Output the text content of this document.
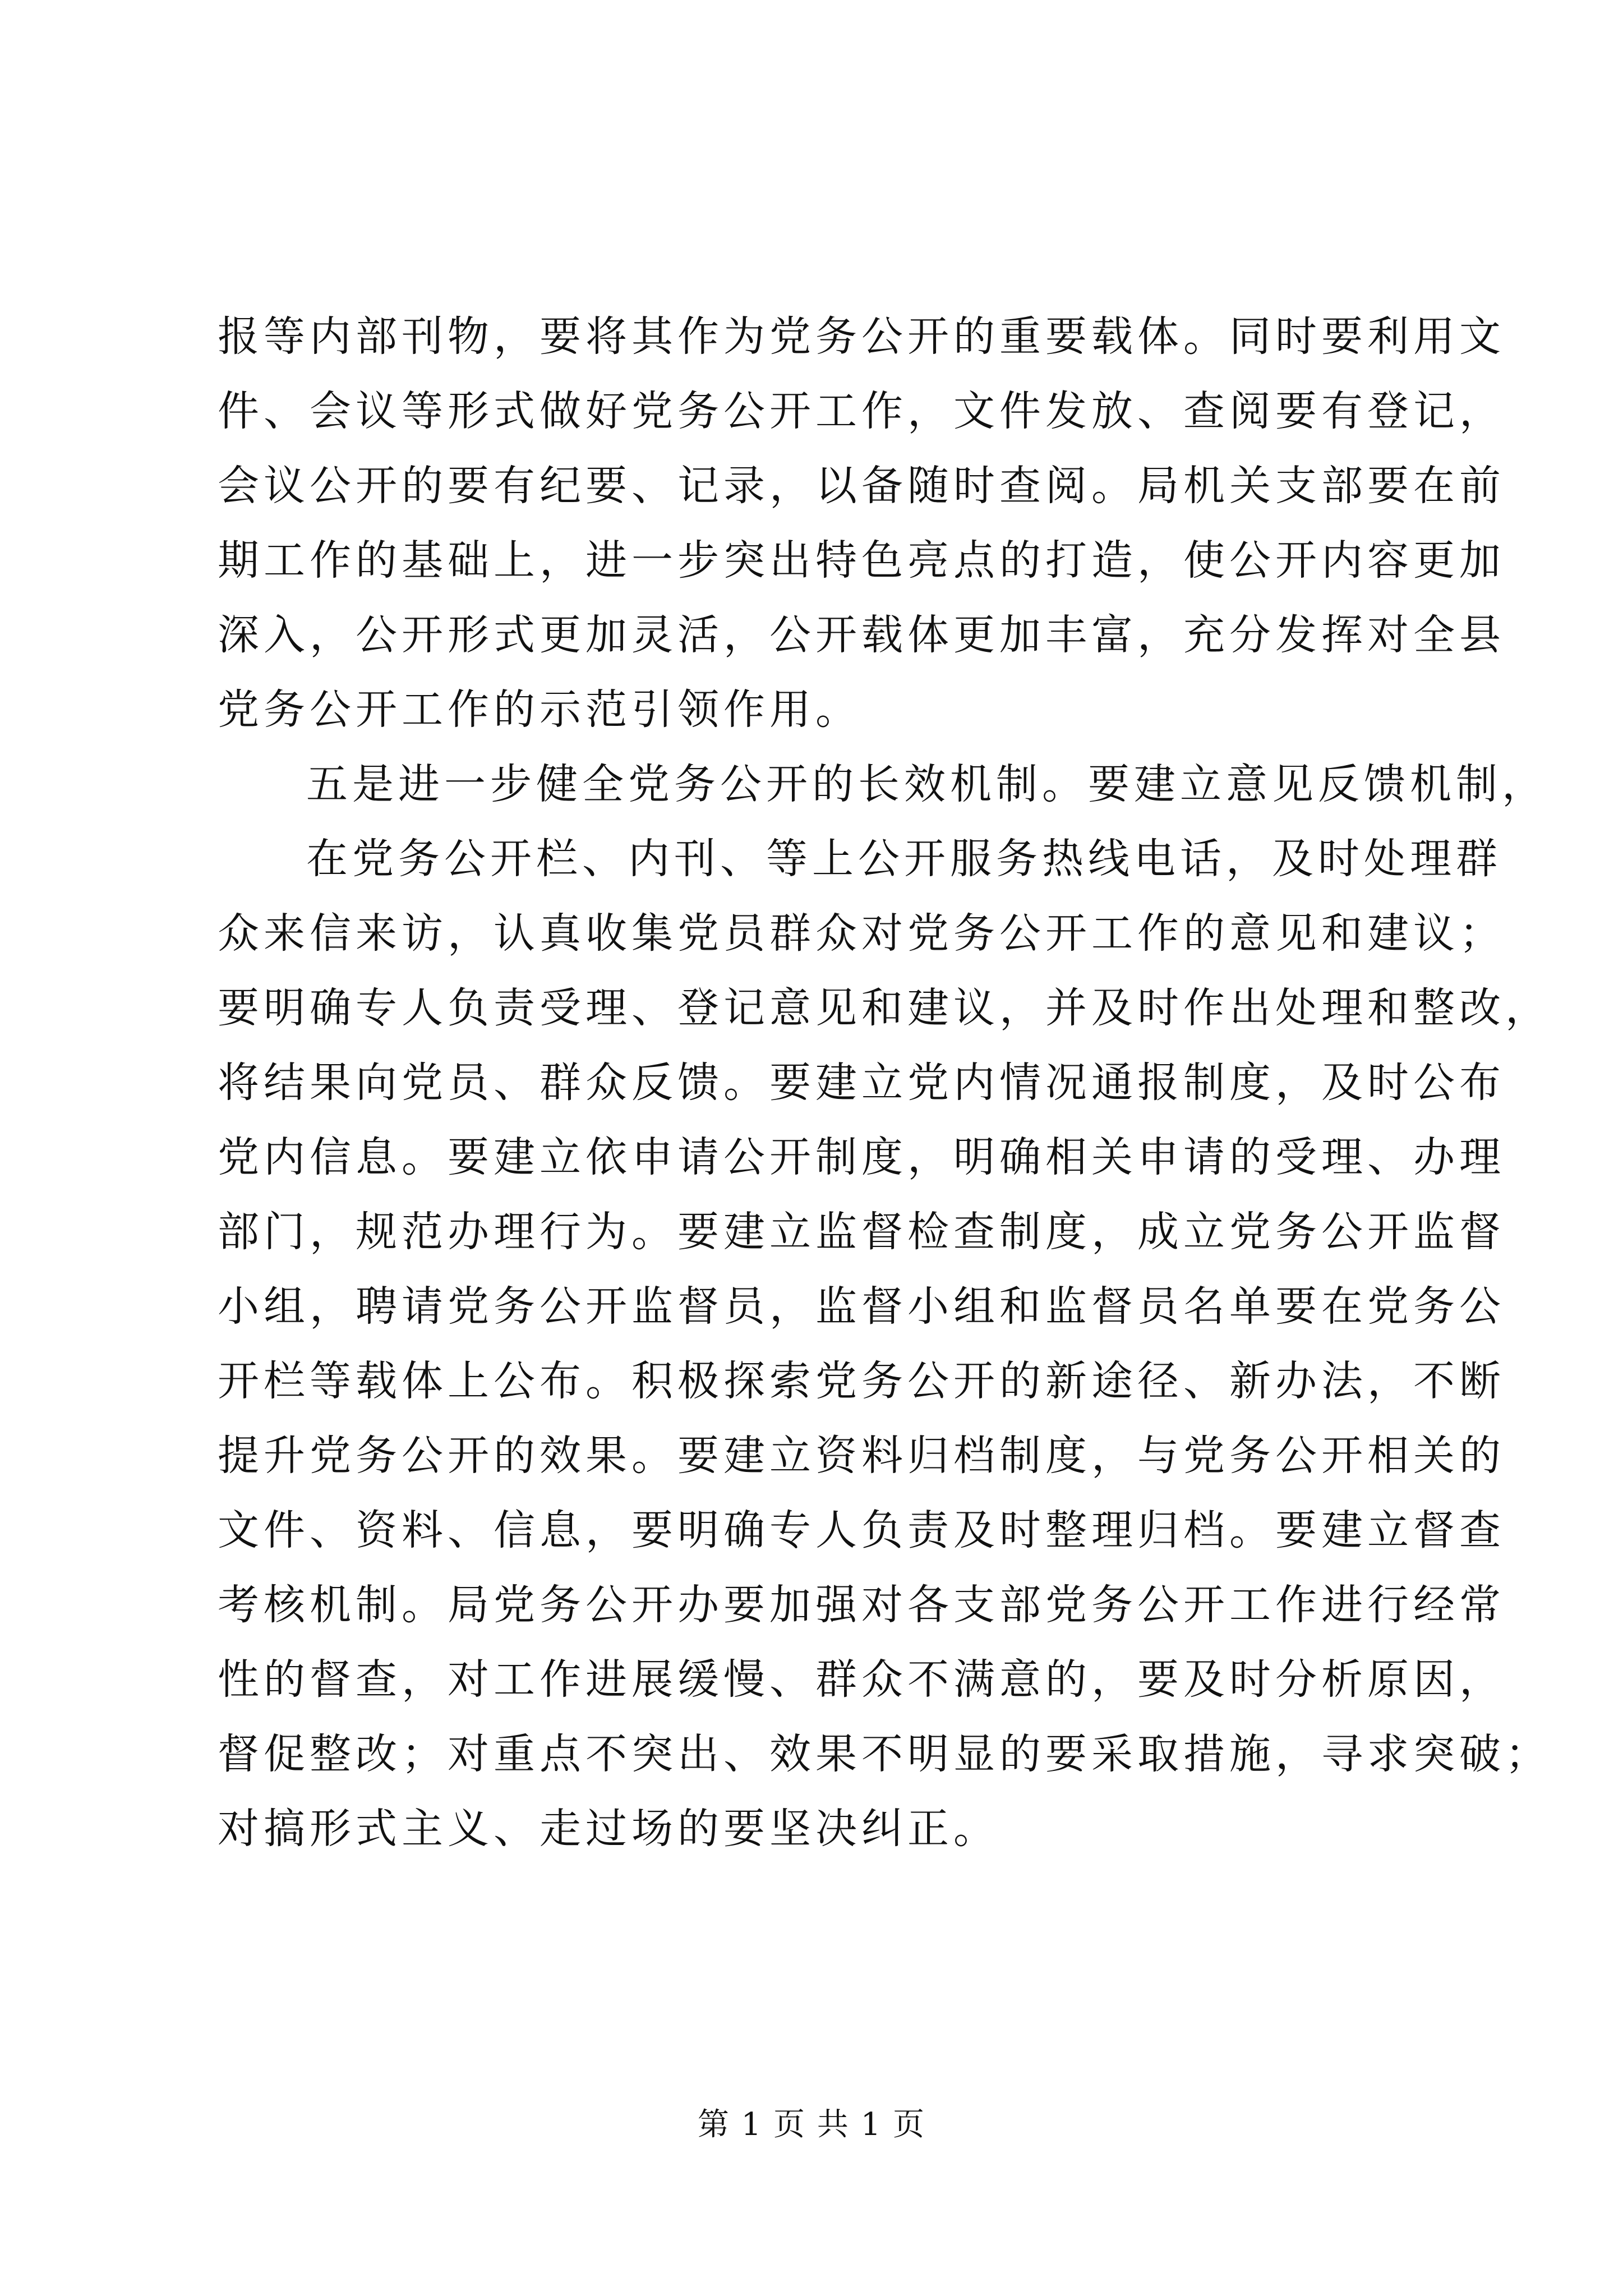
报等内部刊物，要将其作为党务公开的重要载体。同时要利用文
件、会议等形式做好党务公开工作，文件发放、查阅要有登记，
会议公开的要有纪要、记录，以备随时查阅。局机关支部要在前
期工作的基础上，进一步突出特色亮点的打造，使公开内容更加
深入，公开形式更加灵活，公开载体更加丰富，充分发挥对全县
党务公开工作的示范引领作用。
五是进一步健全党务公开的长效机制。要建立意见反馈机制，
在党务公开栏、内刊、等上公开服务热线电话，及时处理群
众来信来访，认真收集党员群众对党务公开工作的意见和建议；
要明确专人负责受理、登记意见和建议，并及时作出处理和整改，
将结果向党员、群众反馈。要建立党内情况通报制度，及时公布
党内信息。要建立依申请公开制度，明确相关申请的受理、办理
部门，规范办理行为。要建立监督检查制度，成立党务公开监督
小组，聘请党务公开监督员，监督小组和监督员名单要在党务公
开栏等载体上公布。积极探索党务公开的新途径、新办法，不断
提升党务公开的效果。要建立资料归档制度，与党务公开相关的
文件、资料、信息，要明确专人负责及时整理归档。要建立督查
考核机制。局党务公开办要加强对各支部党务公开工作进行经常
性的督查，对工作进展缓慢、群众不满意的，要及时分析原因，
督促整改；对重点不突出、效果不明显的要采取措施，寻求突破；
对搞形式主义、走过场的要坚决纠正。
第 1 页 共 1 页
